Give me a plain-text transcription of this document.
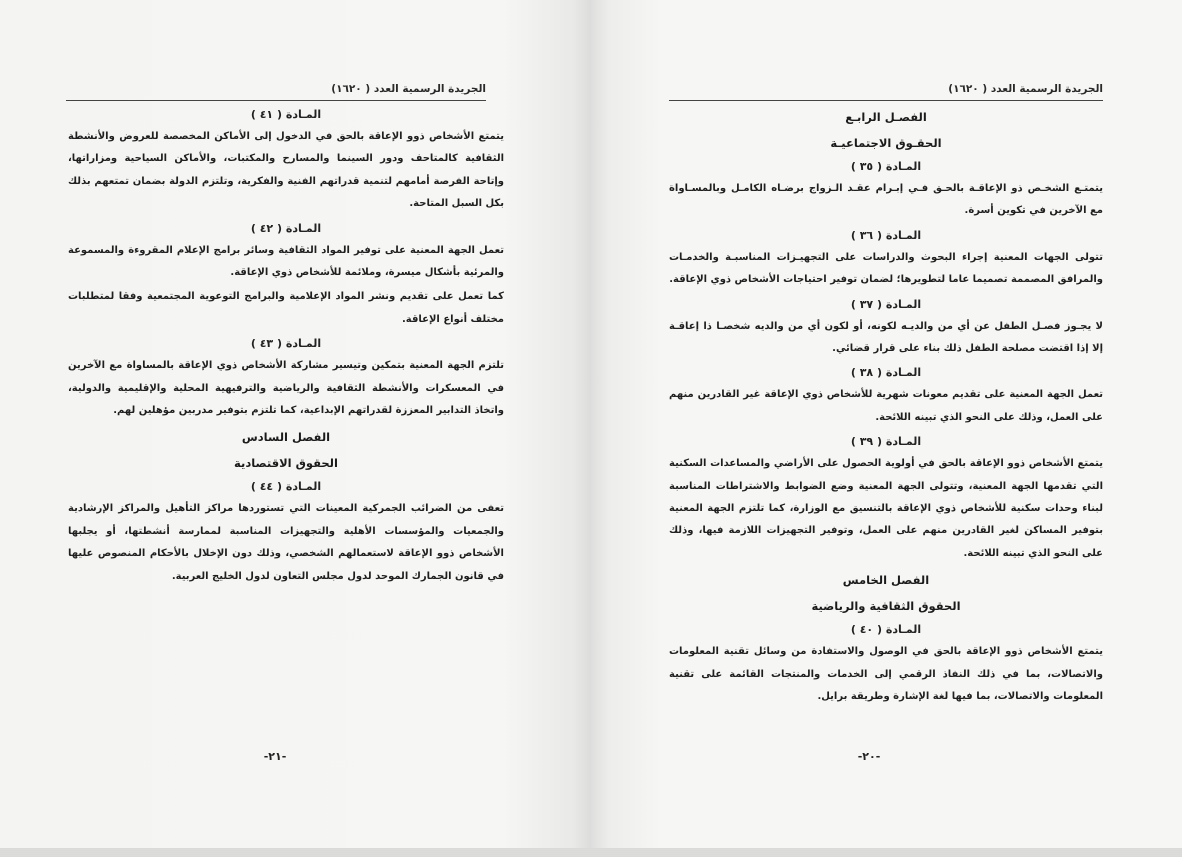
الجريدة الرسمية العدد ( ١٦٢٠)
المـادة ( ٤١ )

يتمتع الأشخاص ذوو الإعاقة بالحق في الدخول إلى الأماكن المخصصة للعروض والأنشطة الثقافية كالمتاحف ودور السينما والمسارح والمكتبات، والأماكن السياحية ومزاراتها، وإتاحة الفرصة أمامهم لتنمية قدراتهم الفنية والفكرية، وتلتزم الدولة بضمان تمتعهم بذلك بكل السبل المتاحة.

المـادة ( ٤٢ )

تعمل الجهة المعنية على توفير المواد الثقافية وسائر برامج الإعلام المقروءة والمسموعة والمرئية بأشكال ميسرة، وملائمة للأشخاص ذوي الإعاقة.

كما تعمل على تقديم ونشر المواد الإعلامية والبرامج التوعوية المجتمعية وفقا لمتطلبات مختلف أنواع الإعاقة.

المـادة ( ٤٣ )

تلتزم الجهة المعنية بتمكين وتيسير مشاركة الأشخاص ذوي الإعاقة بالمساواة مع الآخرين في المعسكرات والأنشطة الثقافية والرياضية والترفيهية المحلية والإقليمية والدولية، واتخاذ التدابير المعززة لقدراتهم الإبداعية، كما تلتزم بتوفير مدربين مؤهلين لهم.

الفصل السادس
الحقوق الاقتصادية
المـادة ( ٤٤ )

تعفى من الضرائب الجمركية المعينات التي تستوردها مراكز التأهيل والمراكز الإرشادية والجمعيات والمؤسسات الأهلية والتجهيزات المناسبة لممارسة أنشطتها، أو يجلبها الأشخاص ذوو الإعاقة لاستعمالهم الشخصي، وذلك دون الإخلال بالأحكام المنصوص عليها في قانون الجمارك الموحد لدول مجلس التعاون لدول الخليج العربية.

-٢١-
الجريدة الرسمية العدد ( ١٦٢٠)
الفصـل الرابـع
الحقـوق الاجتماعيـة
المـادة ( ٣٥ )

يتمتـع الشخـص ذو الإعاقـة بالحـق فـي إبـرام عقـد الـزواج برضـاه الكامـل وبالمسـاواة مع الآخرين في تكوين أسرة.

المـادة ( ٣٦ )

تتولى الجهات المعنية إجراء البحوث والدراسات على التجهيـزات المناسبـة والخدمـات والمرافق المصممة تصميما عاما لتطويرها؛ لضمان توفير احتياجات الأشخاص ذوي الإعاقة.

المـادة ( ٣٧ )

لا يجـوز فصـل الطفل عن أي من والديـه لكونه، أو لكون أي من والديه شخصـا ذا إعاقـة إلا إذا اقتضت مصلحة الطفل ذلك بناء على قرار قضائي.

المـادة ( ٣٨ )

تعمل الجهة المعنية على تقديم معونات شهرية للأشخاص ذوي الإعاقة غير القادرين منهم على العمل، وذلك على النحو الذي تبينه اللائحة.

المـادة ( ٣٩ )

يتمتع الأشخاص ذوو الإعاقة بالحق في أولوية الحصول على الأراضي والمساعدات السكنية التي تقدمها الجهة المعنية، وتتولى الجهة المعنية وضع الضوابط والاشتراطات المناسبة لبناء وحدات سكنية للأشخاص ذوي الإعاقة بالتنسيق مع الوزارة، كما تلتزم الجهة المعنية بتوفير المساكن لغير القادرين منهم على العمل، وتوفير التجهيزات اللازمة فيها، وذلك على النحو الذي تبينه اللائحة.

الفصل الخامس
الحقوق الثقافية والرياضية
المـادة ( ٤٠ )

يتمتع الأشخاص ذوو الإعاقة بالحق في الوصول والاستفادة من وسائل تقنية المعلومات والاتصالات، بما في ذلك النفاذ الرقمي إلى الخدمات والمنتجات القائمة على تقنية المعلومات والاتصالات، بما فيها لغة الإشارة وطريقة برايل.

-٢٠-
